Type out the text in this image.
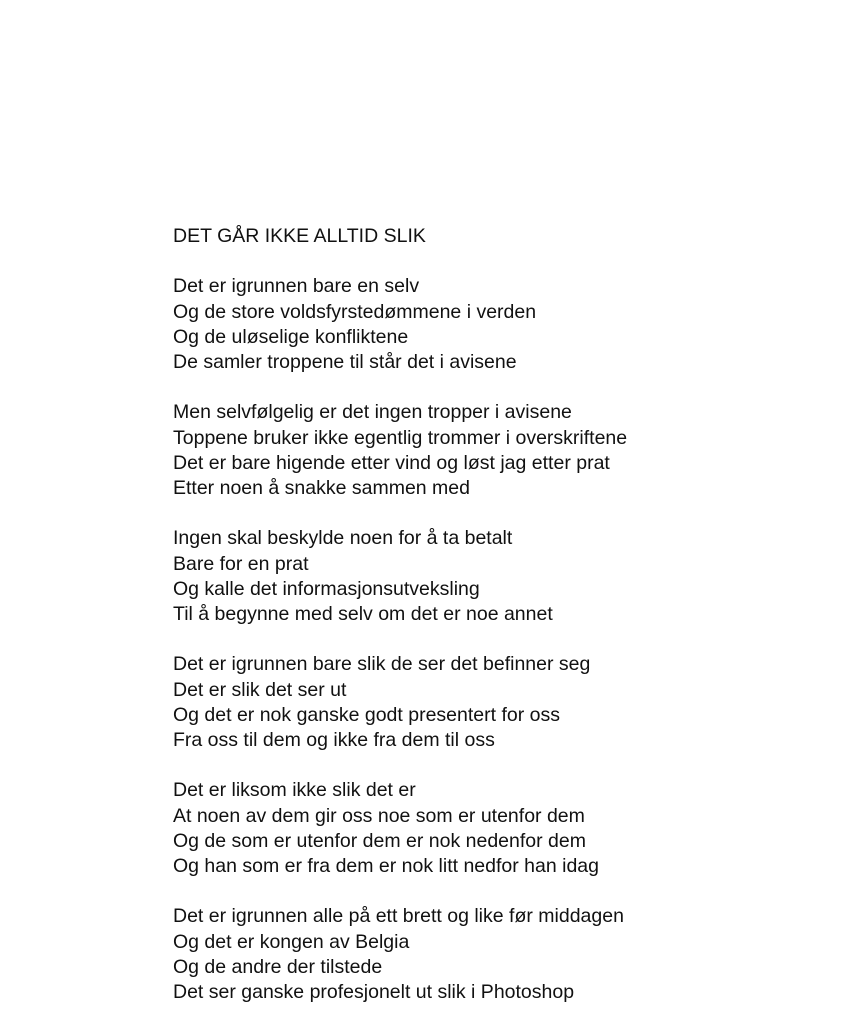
DET GÅR IKKE ALLTID SLIK
Det er igrunnen bare en selv
Og de store voldsfyrstedømmene i verden
Og de uløselige konfliktene
De samler troppene til står det i avisene
Men selvfølgelig er det ingen tropper i avisene
Toppene bruker ikke egentlig trommer i overskriftene
Det er bare higende etter vind og løst jag etter prat
Etter noen å snakke sammen med
Ingen skal beskylde noen for å ta betalt
Bare for en prat
Og kalle det informasjonsutveksling
Til å begynne med selv om det er noe annet
Det er igrunnen bare slik de ser det befinner seg
Det er slik det ser ut
Og det er nok ganske godt presentert for oss
Fra oss til dem og ikke fra dem til oss
Det er liksom ikke slik det er
At noen av dem gir oss noe som er utenfor dem
Og de som er utenfor dem er nok nedenfor dem
Og han som er fra dem er nok litt nedfor han idag
Det er igrunnen alle på ett brett og like før middagen
Og det er kongen av Belgia
Og de andre der tilstede
Det ser ganske profesjonelt ut slik i Photoshop
